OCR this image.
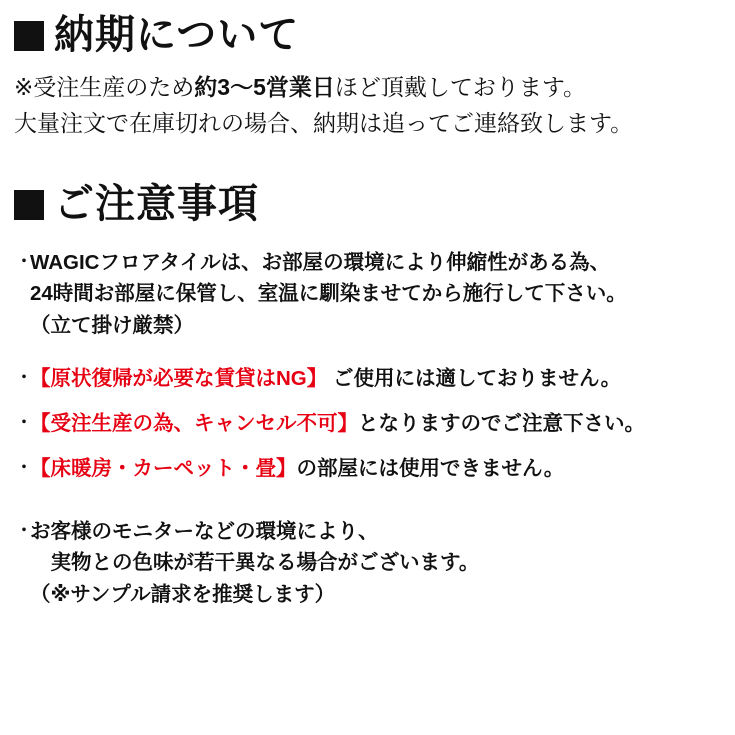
納期について
※受注生産のため約3〜5営業日ほど頂戴しております。
大量注文で在庫切れの場合、納期は追ってご連絡致します。
ご注意事項
・
WAGICフロアタイルは、お部屋の環境により伸縮性がある為、
24時間お部屋に保管し、室温に馴染ませてから施行して下さい。
（立て掛け厳禁）
・
【原状復帰が必要な賃貸はNG】 ご使用には適しておりません。
・
【受注生産の為、キャンセル不可】となりますのでご注意下さい。
・
【床暖房・カーペット・畳】の部屋には使用できません。
・
お客様のモニターなどの環境により、
　実物との色味が若干異なる場合がございます。
（※サンプル請求を推奨します）
